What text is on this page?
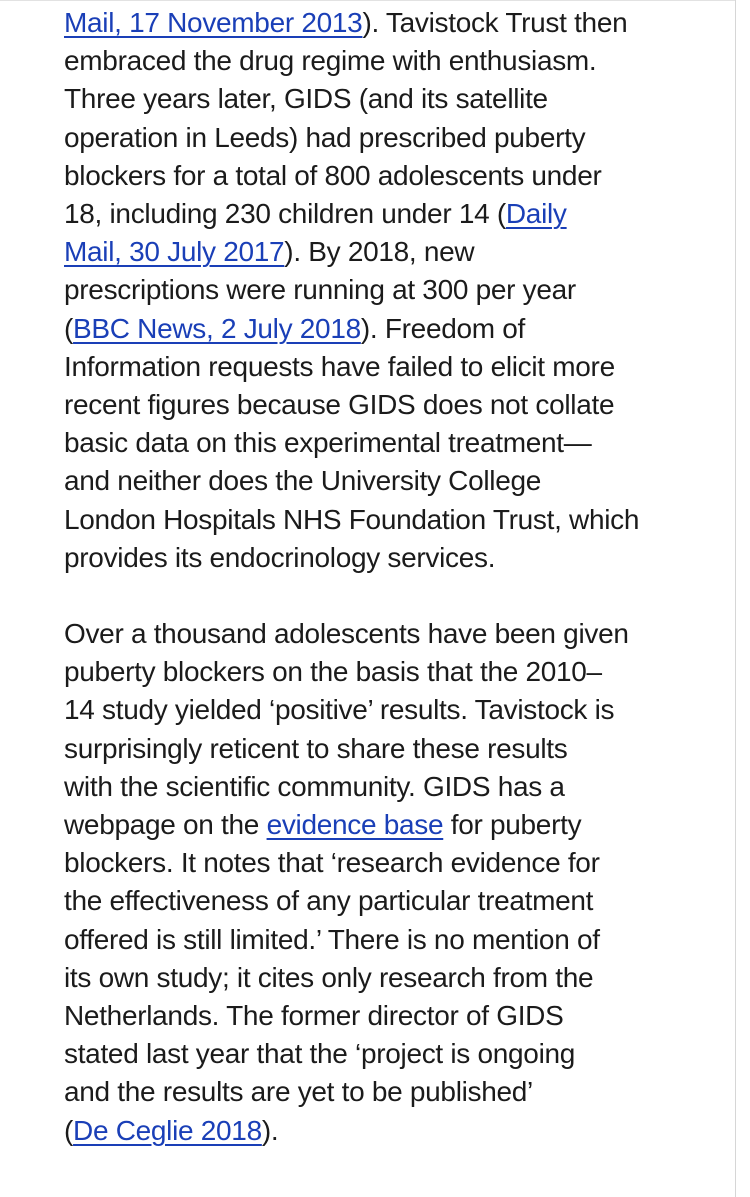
Mail, 17 November 2013). Tavistock Trust then
embraced the drug regime with enthusiasm.
Three years later, GIDS (and its satellite
operation in Leeds) had prescribed puberty
blockers for a total of 800 adolescents under
18, including 230 children under 14 (Daily
Mail, 30 July 2017). By 2018, new
prescriptions were running at 300 per year
(BBC News, 2 July 2018). Freedom of
Information requests have failed to elicit more
recent figures because GIDS does not collate
basic data on this experimental treatment—
and neither does the University College
London Hospitals NHS Foundation Trust, which
provides its endocrinology services.

Over a thousand adolescents have been given
puberty blockers on the basis that the 2010–
14 study yielded ‘positive’ results. Tavistock is
surprisingly reticent to share these results
with the scientific community. GIDS has a
webpage on the evidence base for puberty
blockers. It notes that ‘research evidence for
the effectiveness of any particular treatment
offered is still limited.’ There is no mention of
its own study; it cites only research from the
Netherlands. The former director of GIDS
stated last year that the ‘project is ongoing
and the results are yet to be published’
(De Ceglie 2018).
